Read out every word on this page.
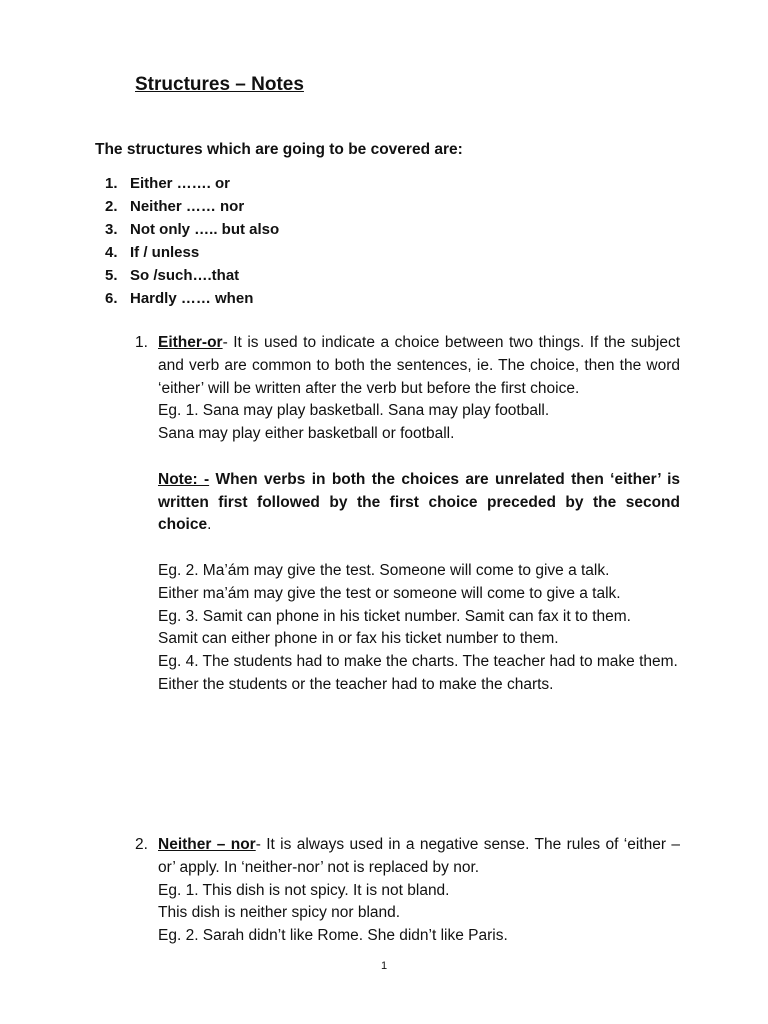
Structures – Notes

The structures which are going to be covered are:

1. Either ……. or
2. Neither …… nor
3. Not only ….. but also
4. If / unless
5. So /such….that
6. Hardly …… when
1. Either-or- It is used to indicate a choice between two things. If the subject and verb are common to both the sentences, ie. The choice, then the word ‘either’ will be written after the verb but before the first choice.

Eg. 1. Sana may play basketball. Sana may play football.

Sana may play either basketball or football.

Note: - When verbs in both the choices are unrelated then ‘either’ is written first followed by the first choice preceded by the second choice.

Eg. 2. Ma’ám may give the test. Someone will come to give a talk.

Either ma’ám may give the test or someone will come to give a talk.

Eg. 3. Samit can phone in his ticket number. Samit can fax it to them.

Samit can either phone in or fax his ticket number to them.

Eg. 4. The students had to make the charts. The teacher had to make them.

Either the students or the teacher had to make the charts.

2. Neither – nor- It is always used in a negative sense. The rules of ‘either – or’ apply. In ‘neither-nor’ not is replaced by nor.

Eg. 1. This dish is not spicy. It is not bland.

This dish is neither spicy nor bland.

Eg. 2. Sarah didn’t like Rome. She didn’t like Paris.

1
